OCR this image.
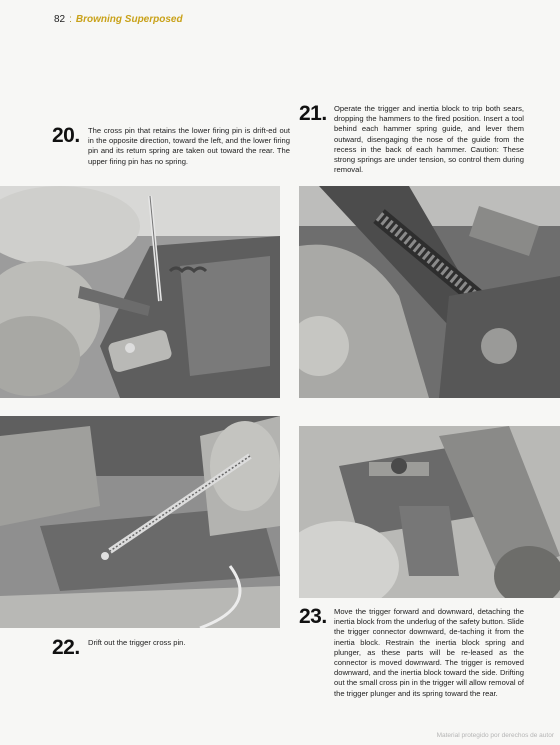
82 : Browning Superposed
20. The cross pin that retains the lower firing pin is drift-ed out in the opposite direction, toward the left, and the lower firing pin and its return spring are taken out toward the rear. The upper firing pin has no spring.
21. Operate the trigger and inertia block to trip both sears, dropping the hammers to the fired position. Insert a tool behind each hammer spring guide, and lever them outward, disengaging the nose of the guide from the recess in the back of each hammer. Caution: These strong springs are under tension, so control them during removal.
22. Drift out the trigger cross pin.
23. Move the trigger forward and downward, detaching the inertia block from the underlug of the safety button. Slide the trigger connector downward, de-taching it from the inertia block. Restrain the inertia block spring and plunger, as these parts will be re-leased as the connector is moved downward. The trigger is removed downward, and the inertia block toward the side. Drifting out the small cross pin in the trigger will allow removal of the trigger plunger and its spring toward the rear.
Material protegido por derechos de autor
